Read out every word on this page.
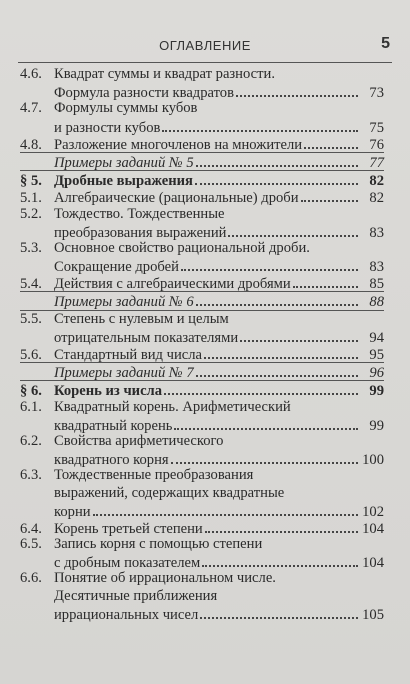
ОГЛАВЛЕНИЕ	5
4.6. Квадрат суммы и квадрат разности.
Формула разности квадратов	73
4.7. Формулы суммы кубов
и разности кубов	75
4.8. Разложение многочленов на множители	76
Примеры заданий № 5	77
§ 5. Дробные выражения	82
5.1. Алгебраические (рациональные) дроби	82
5.2. Тождество. Тождественные
преобразования выражений	83
5.3. Основное свойство рациональной дроби.
Сокращение дробей	83
5.4. Действия с алгебраическими дробями	85
Примеры заданий № 6	88
5.5. Степень с нулевым и целым
отрицательным показателями	94
5.6. Стандартный вид числа	95
Примеры заданий № 7	96
§ 6. Корень из числа	99
6.1. Квадратный корень. Арифметический
квадратный корень	99
6.2. Свойства арифметического
квадратного корня	100
6.3. Тождественные преобразования
выражений, содержащих квадратные
корни	102
6.4. Корень третьей степени	104
6.5. Запись корня с помощью степени
с дробным показателем	104
6.6. Понятие об иррациональном числе.
Десятичные приближения
иррациональных чисел	105
